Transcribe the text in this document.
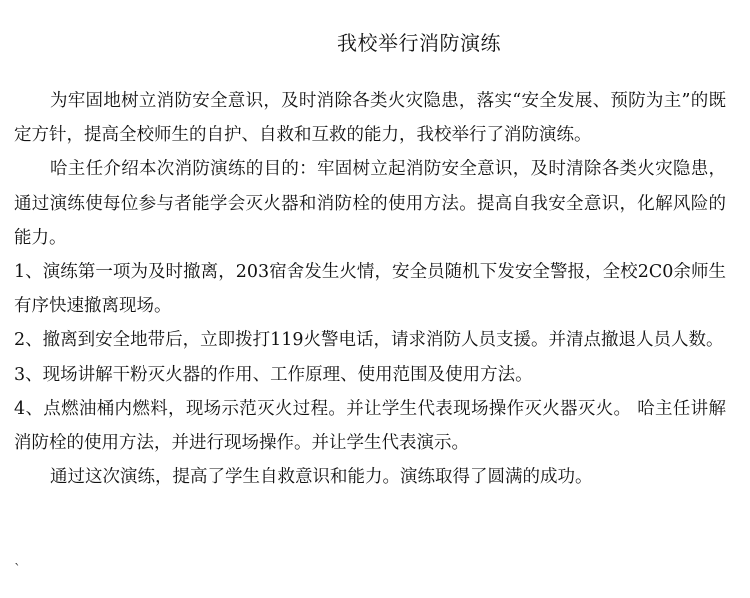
我校举行消防演练

为牢固地树立消防安全意识，及时消除各类火灾隐患，落实“安全发展、预防为主”的既定方针，提高全校师生的自护、自救和互救的能力，我校举行了消防演练。

哈主任介绍本次消防演练的目的：牢固树立起消防安全意识，及时清除各类火灾隐患，通过演练使每位参与者能学会灭火器和消防栓的使用方法。提高自我安全意识，化解风险的能力。

1、演练第一项为及时撤离，203宿舍发生火情，安全员随机下发安全警报，全校2C0余师生有序快速撤离现场。

2、撤离到安全地带后，立即拨打119火警电话，请求消防人员支援。并清点撤退人员人数。

3、现场讲解干粉灭火器的作用、工作原理、使用范围及使用方法。

4、点燃油桶内燃料，现场示范灭火过程。并让学生代表现场操作灭火器灭火。 哈主任讲解消防栓的使用方法，并进行现场操作。并让学生代表演示。

通过这次演练，提高了学生自救意识和能力。演练取得了圆满的成功。

`
